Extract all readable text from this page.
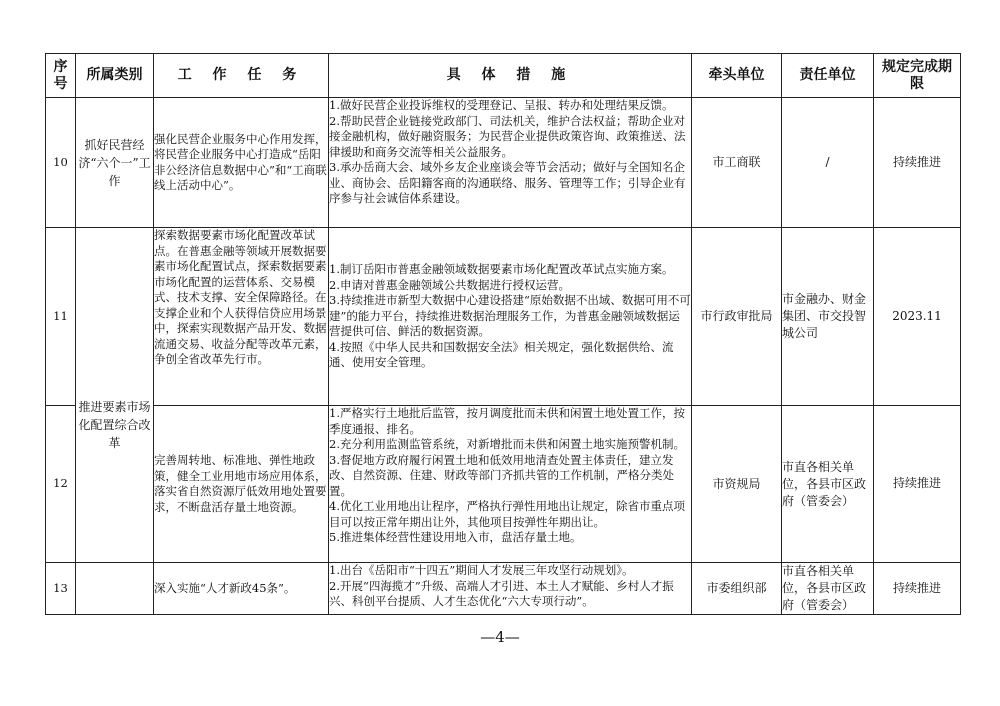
序号	所属类别	工 作 任 务	具 体 措 施	牵头单位	责任单位	规定完成期限
10	抓好民营经济“六个一”工作	强化民营企业服务中心作用发挥，将民营企业服务中心打造成“岳阳非公经济信息数据中心”和“工商联线上活动中心”。	1.做好民营企业投诉维权的受理登记、呈报、转办和处理结果反馈。
2.帮助民营企业链接党政部门、司法机关，维护合法权益；帮助企业对接金融机构，做好融资服务；为民营企业提供政策咨询、政策推送、法律援助和商务交流等相关公益服务。
3.承办岳商大会、域外乡友企业座谈会等节会活动；做好与全国知名企业、商协会、岳阳籍客商的沟通联络、服务、管理等工作；引导企业有序参与社会诚信体系建设。	市工商联	/	持续推进
11	推进要素市场化配置综合改革	探索数据要素市场化配置改革试点。在普惠金融等领域开展数据要素市场化配置试点，探索数据要素市场化配置的运营体系、交易模式、技术支撑、安全保障路径。在支撑企业和个人获得信贷应用场景中，探索实现数据产品开发、数据流通交易、收益分配等改革元素，争创全省改革先行市。	1.制订岳阳市普惠金融领域数据要素市场化配置改革试点实施方案。
2.申请对普惠金融领域公共数据进行授权运营。
3.持续推进市新型大数据中心建设搭建“原始数据不出域、数据可用不可建”的能力平台，持续推进数据治理服务工作，为普惠金融领域数据运营提供可信、鲜活的数据资源。
4.按照《中华人民共和国数据安全法》相关规定，强化数据供给、流通、使用安全管理。	市行政审批局	市金融办、财金集团、市交投智城公司	2023.11
12		完善周转地、标准地、弹性地政策，健全工业用地市场应用体系，落实省自然资源厅低效用地处置要求，不断盘活存量土地资源。	1.严格实行土地批后监管，按月调度批而未供和闲置土地处置工作，按季度通报、排名。
2.充分利用监测监管系统，对新增批而未供和闲置土地实施预警机制。
3.督促地方政府履行闲置土地和低效用地清查处置主体责任，建立发改、自然资源、住建、财政等部门齐抓共管的工作机制，严格分类处置。
4.优化工业用地出让程序，严格执行弹性用地出让规定，除省市重点项目可以按正常年期出让外，其他项目按弹性年期出让。
5.推进集体经营性建设用地入市，盘活存量土地。	市资规局	市直各相关单位，各县市区政府（管委会）	持续推进
13		深入实施“人才新政45条”。	1.出台《岳阳市“十四五”期间人才发展三年攻坚行动规划》。
2.开展“四海揽才”升级、高端人才引进、本土人才赋能、乡村人才振兴、科创平台提质、人才生态优化“六大专项行动”。	市委组织部	市直各相关单位，各县市区政府（管委会）	持续推进
—4—
